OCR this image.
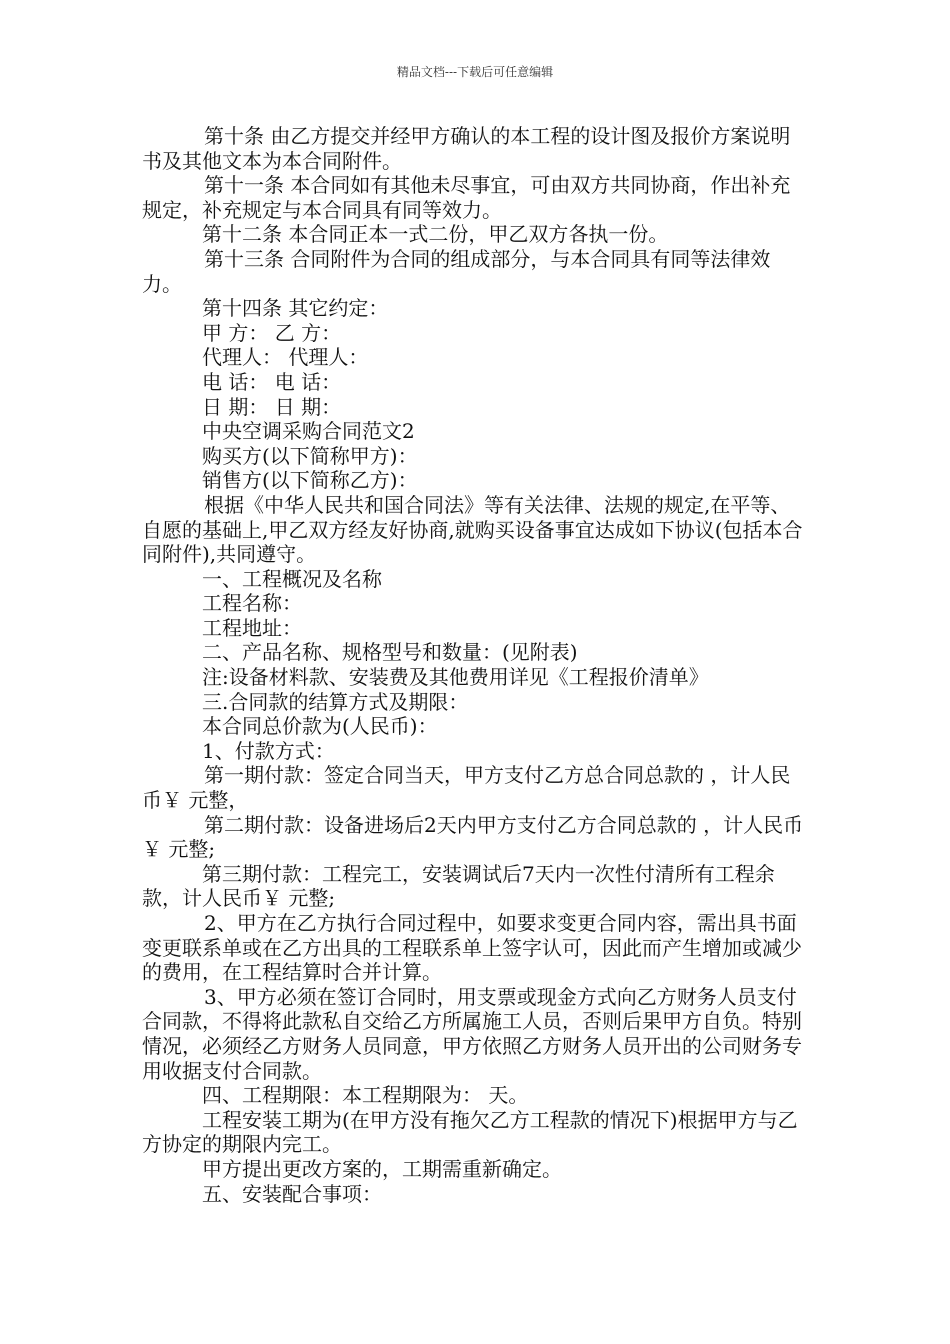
精品文档---下载后可任意编辑

第十条 由乙方提交并经甲方确认的本工程的设计图及报价方案说明书及其他文本为本合同附件。

第十一条 本合同如有其他未尽事宜，可由双方共同协商，作出补充规定，补充规定与本合同具有同等效力。

第十二条 本合同正本一式二份，甲乙双方各执一份。

第十三条 合同附件为合同的组成部分，与本合同具有同等法律效力。

第十四条 其它约定：

甲 方： 乙 方：

代理人： 代理人：

电 话： 电 话：

日 期： 日 期：

中央空调采购合同范文2

购买方(以下简称甲方)：

销售方(以下简称乙方)：

根据《中华人民共和国合同法》等有关法律、法规的规定,在平等、自愿的基础上,甲乙双方经友好协商,就购买设备事宜达成如下协议(包括本合同附件),共同遵守。

一、工程概况及名称

工程名称：

工程地址：

二、产品名称、规格型号和数量：(见附表)

注:设备材料款、安装费及其他费用详见《工程报价清单》

三.合同款的结算方式及期限：

本合同总价款为(人民币)：

1、付款方式：

第一期付款：签定合同当天，甲方支付乙方总合同总款的 ，计人民币￥ 元整，

第二期付款：设备进场后2天内甲方支付乙方合同总款的 ，计人民币￥ 元整;

第三期付款：工程完工，安装调试后7天内一次性付清所有工程余款，计人民币￥ 元整;

2、甲方在乙方执行合同过程中，如要求变更合同内容，需出具书面变更联系单或在乙方出具的工程联系单上签字认可，因此而产生增加或减少的费用，在工程结算时合并计算。

3、甲方必须在签订合同时，用支票或现金方式向乙方财务人员支付合同款，不得将此款私自交给乙方所属施工人员，否则后果甲方自负。特别情况，必须经乙方财务人员同意，甲方依照乙方财务人员开出的公司财务专用收据支付合同款。

四、工程期限：本工程期限为： 天。

工程安装工期为(在甲方没有拖欠乙方工程款的情况下)根据甲方与乙方协定的期限内完工。

甲方提出更改方案的，工期需重新确定。

五、安装配合事项：
